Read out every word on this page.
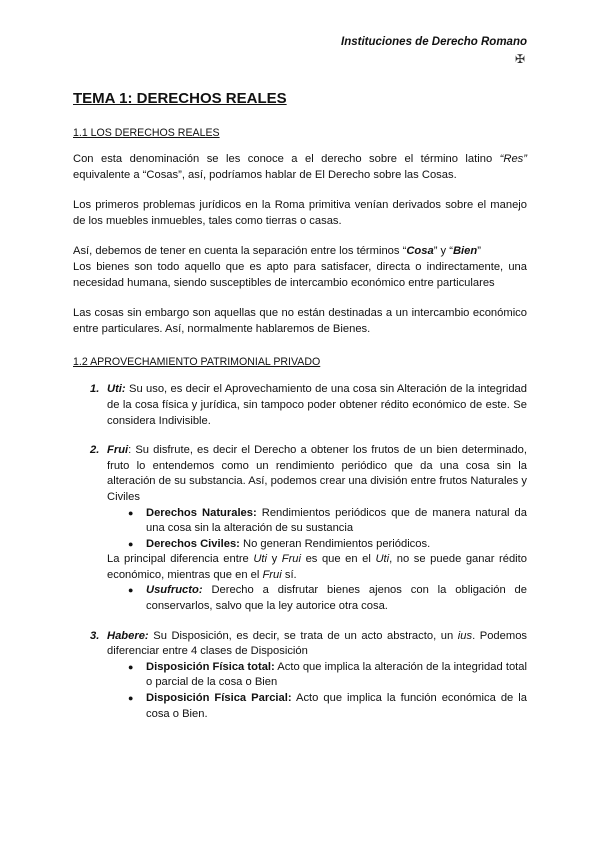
Instituciones de Derecho Romano
✠
TEMA 1: DERECHOS REALES
1.1 LOS DERECHOS REALES

Con esta denominación se les conoce a el derecho sobre el término latino “Res” equivalente a “Cosas”, así, podríamos hablar de El Derecho sobre las Cosas.

Los primeros problemas jurídicos en la Roma primitiva venían derivados sobre el manejo de los muebles inmuebles, tales como tierras o casas.

Así, debemos de tener en cuenta la separación entre los términos “Cosa” y “Bien”

Los bienes son todo aquello que es apto para satisfacer, directa o indirectamente, una necesidad humana, siendo susceptibles de intercambio económico entre particulares

Las cosas sin embargo son aquellas que no están destinadas a un intercambio económico entre particulares. Así, normalmente hablaremos de Bienes.

1.2 APROVECHAMIENTO PATRIMONIAL PRIVADO
1. Uti: Su uso, es decir el Aprovechamiento de una cosa sin Alteración de la integridad de la cosa física y jurídica, sin tampoco poder obtener rédito económico de este. Se considera Indivisible.
2. Frui: Su disfrute, es decir el Derecho a obtener los frutos de un bien determinado, fruto lo entendemos como un rendimiento periódico que da una cosa sin la alteración de su substancia. Así, podemos crear una división entre frutos Naturales y Civiles
● Derechos Naturales: Rendimientos periódicos que de manera natural da una cosa sin la alteración de su sustancia
● Derechos Civiles: No generan Rendimientos periódicos.
La principal diferencia entre Uti y Frui es que en el Uti, no se puede ganar rédito económico, mientras que en el Frui sí.
● Usufructo: Derecho a disfrutar bienes ajenos con la obligación de conservarlos, salvo que la ley autorice otra cosa.
3. Habere: Su Disposición, es decir, se trata de un acto abstracto, un ius. Podemos diferenciar entre 4 clases de Disposición
● Disposición Física total: Acto que implica la alteración de la integridad total o parcial de la cosa o Bien
● Disposición Física Parcial: Acto que implica la función económica de la cosa o Bien.
